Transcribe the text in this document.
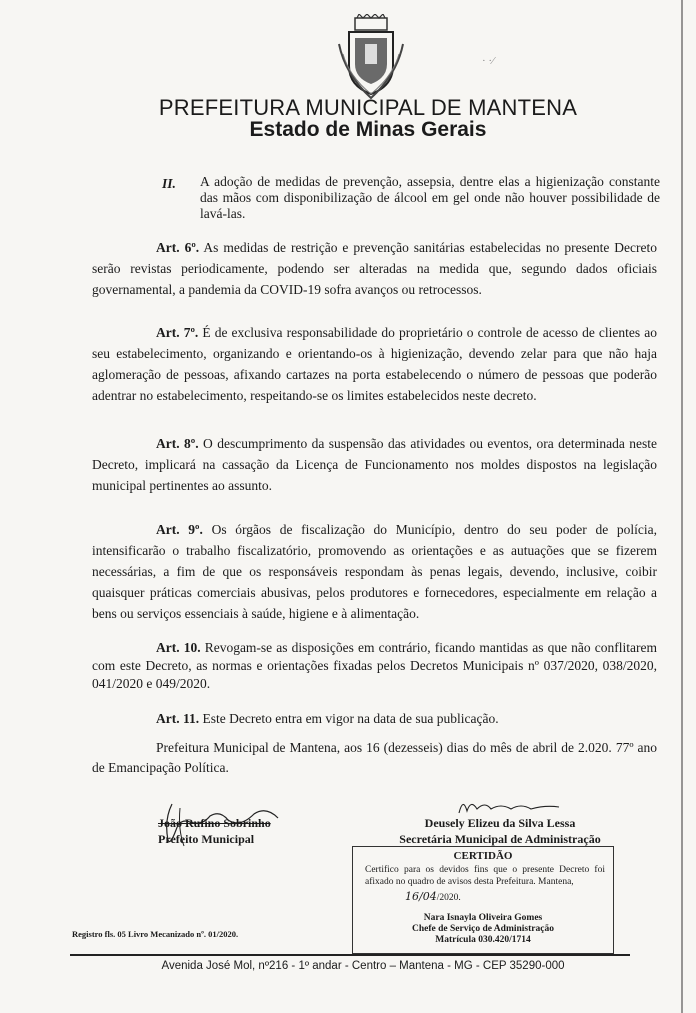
· ·⁄
PREFEITURA MUNICIPAL DE MANTENA
Estado de Minas Gerais
II. A adoção de medidas de prevenção, assepsia, dentre elas a higienização constante das mãos com disponibilização de álcool em gel onde não houver possibilidade de lavá-las.
Art. 6º. As medidas de restrição e prevenção sanitárias estabelecidas no presente Decreto serão revistas periodicamente, podendo ser alteradas na medida que, segundo dados oficiais governamental, a pandemia da COVID-19 sofra avanços ou retrocessos.
Art. 7º. É de exclusiva responsabilidade do proprietário o controle de acesso de clientes ao seu estabelecimento, organizando e orientando-os à higienização, devendo zelar para que não haja aglomeração de pessoas, afixando cartazes na porta estabelecendo o número de pessoas que poderão adentrar no estabelecimento, respeitando-se os limites estabelecidos neste decreto.
Art. 8º. O descumprimento da suspensão das atividades ou eventos, ora determinada neste Decreto, implicará na cassação da Licença de Funcionamento nos moldes dispostos na legislação municipal pertinentes ao assunto.
Art. 9º. Os órgãos de fiscalização do Município, dentro do seu poder de polícia, intensificarão o trabalho fiscalizatório, promovendo as orientações e as autuações que se fizerem necessárias, a fim de que os responsáveis respondam às penas legais, devendo, inclusive, coibir quaisquer práticas comerciais abusivas, pelos produtores e fornecedores, especialmente em relação a bens ou serviços essenciais à saúde, higiene e à alimentação.
Art. 10. Revogam-se as disposições em contrário, ficando mantidas as que não conflitarem com este Decreto, as normas e orientações fixadas pelos Decretos Municipais nº 037/2020, 038/2020, 041/2020 e 049/2020.
Art. 11. Este Decreto entra em vigor na data de sua publicação.
Prefeitura Municipal de Mantena, aos 16 (dezesseis) dias do mês de abril de 2.020. 77º ano de Emancipação Política.
João Rufino Sobrinho
Prefeito Municipal
Deusely Elizeu da Silva Lessa
Secretária Municipal de Administração
CERTIDÃO
Certifico para os devidos fins que o presente Decreto foi afixado no quadro de avisos desta Prefeitura. Mantena,
16/04/2020.
Nara Isnayla Oliveira Gomes
Chefe de Serviço de Administração
Matrícula 030.420/1714
Registro fls. 05 Livro Mecanizado nº. 01/2020.
Avenida José Mol, nº216 - 1º andar - Centro – Mantena - MG - CEP 35290-000
